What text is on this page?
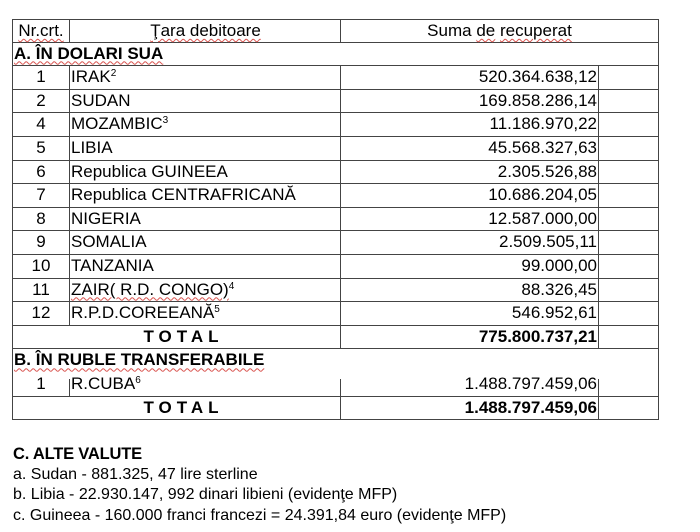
Nr.crt.	Ţara debitoare	Suma de recuperat
A. ÎN DOLARI SUA
1	IRAK$^2$	520.364.638,12
2	SUDAN	169.858.286,14
4	MOZAMBIC$^3$	11.186.970,22
5	LIBIA	45.568.327,63
6	Republica GUINEEA	2.305.526,88
7	Republica CENTRAFRICANĂ	10.686.204,05
8	NIGERIA	12.587.000,00
9	SOMALIA	2.509.505,11
10	TANZANIA	99.000,00
11	ZAIR( R.D. CONGO)$^4$	88.326,45
12	R.P.D.COREEANĂ$^5$	546.952,61
TOTAL	775.800.737,21
B. ÎN RUBLE TRANSFERABILE
1	R.CUBA$^6$	1.488.797.459,06
TOTAL	1.488.797.459,06
C. ALTE VALUTE
a. Sudan - 881.325, 47 lire sterline
b. Libia - 22.930.147, 992 dinari libieni (evidenţe MFP)
c. Guineea - 160.000 franci francezi = 24.391,84 euro (evidenţe MFP)
